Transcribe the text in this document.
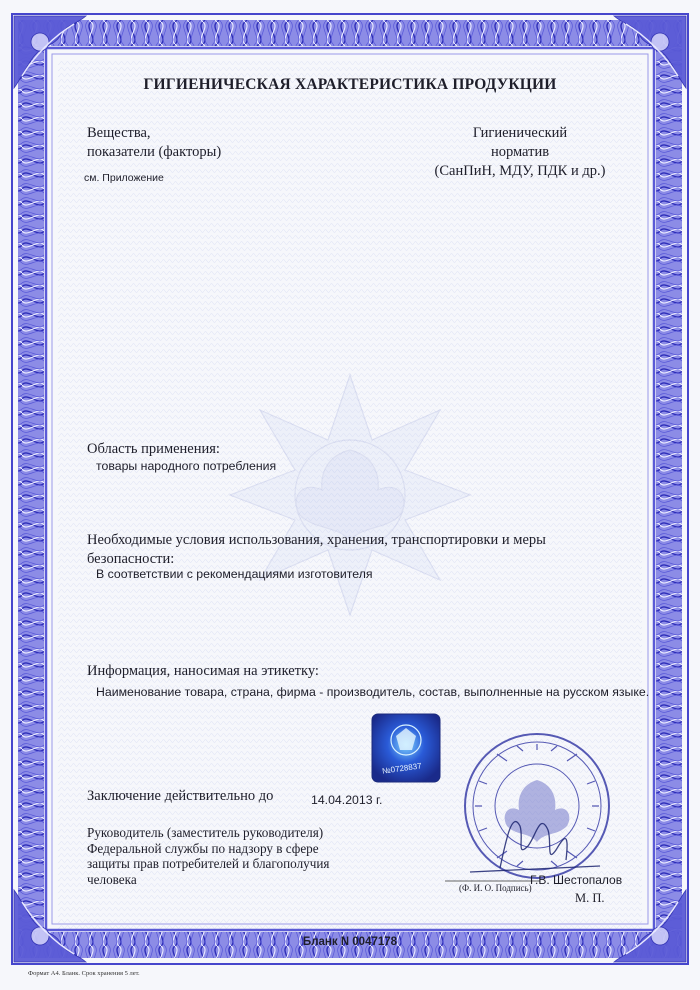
ГИГИЕНИЧЕСКАЯ ХАРАКТЕРИСТИКА ПРОДУКЦИИ
Вещества,
показатели (факторы)
см. Приложение
Гигиенический
норматив
(СанПиН, МДУ, ПДК и др.)
Область применения:
товары народного потребления
Необходимые условия использования, хранения, транспортировки и меры
безопасности:
В соответствии с рекомендациями изготовителя
Информация, наносимая на этикетку:
Наименование товара, страна, фирма - производитель, состав, выполненные на русском языке.
№0728837
Заключение действительно до	14.04.2013 г.
Руководитель (заместитель руководителя)
Федеральной службы по надзору в сфере
защиты прав потребителей и благополучия
человека
(Ф. И. О. Подпись)
Г.В. Шестопалов
М. П.
Бланк N 0047178
Формат А4. Бланк. Срок хранения 5 лет.
